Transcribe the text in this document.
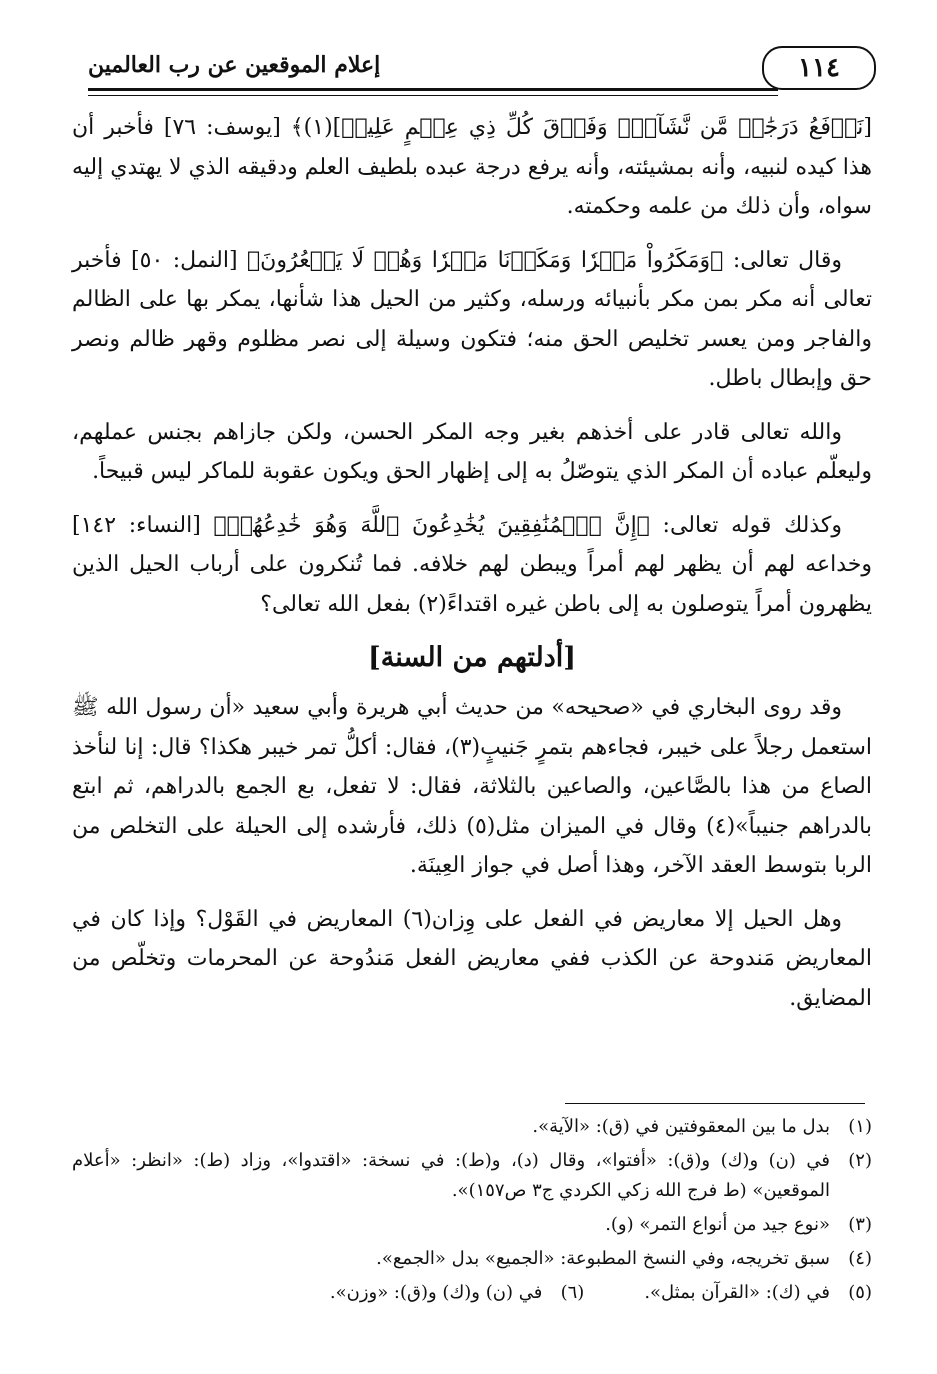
إعلام الموقعين عن رب العالمين	١١٤

[نَرۡفَعُ دَرَجَٰتٖ مَّن نَّشَآءُۗ وَفَوۡقَ كُلِّ ذِي عِلۡمٍ عَلِيمٞ](١)﴾ [يوسف: ٧٦] فأخبر أن هذا كيده لنبيه، وأنه بمشيئته، وأنه يرفع درجة عبده بلطيف العلم ودقيقه الذي لا يهتدي إليه سواه، وأن ذلك من علمه وحكمته.

وقال تعالى: ﴿وَمَكَرُواْ مَكۡرٗا وَمَكَرۡنَا مَكۡرٗا وَهُمۡ لَا يَشۡعُرُونَ﴾ [النمل: ٥٠] فأخبر تعالى أنه مكر بمن مكر بأنبيائه ورسله، وكثير من الحيل هذا شأنها، يمكر بها على الظالم والفاجر ومن يعسر تخليص الحق منه؛ فتكون وسيلة إلى نصر مظلوم وقهر ظالم ونصر حق وإبطال باطل.

والله تعالى قادر على أخذهم بغير وجه المكر الحسن، ولكن جازاهم بجنس عملهم، وليعلّم عباده أن المكر الذي يتوصّلُ به إلى إظهار الحق ويكون عقوبة للماكر ليس قبيحاً.

وكذلك قوله تعالى: ﴿إِنَّ ٱلۡمُنَٰفِقِينَ يُخَٰدِعُونَ ٱللَّهَ وَهُوَ خَٰدِعُهُمۡ﴾ [النساء: ١٤٢] وخداعه لهم أن يظهر لهم أمراً ويبطن لهم خلافه. فما تُنكرون على أرباب الحيل الذين يظهرون أمراً يتوصلون به إلى باطن غيره اقتداءً(٢) بفعل الله تعالى؟

[أدلتهم من السنة]

وقد روى البخاري في «صحيحه» من حديث أبي هريرة وأبي سعيد «أن رسول الله ﷺ استعمل رجلاً على خيبر، فجاءهم بتمرٍ جَنيبٍ(٣)، فقال: أكلُّ تمر خيبر هكذا؟ قال: إنا لنأخذ الصاع من هذا بالصَّاعين، والصاعين بالثلاثة، فقال: لا تفعل، بع الجمع بالدراهم، ثم ابتع بالدراهم جنيباً»(٤) وقال في الميزان مثل(٥) ذلك، فأرشده إلى الحيلة على التخلص من الربا بتوسط العقد الآخر، وهذا أصل في جواز العِينَة.

وهل الحيل إلا معاريض في الفعل على وِزان(٦) المعاريض في القَوْل؟ وإذا كان في المعاريض مَندوحة عن الكذب ففي معاريض الفعل مَندُوحة عن المحرمات وتخلّص من المضايق.

(١)
بدل ما بين المعقوفتين في (ق): «الآية».
(٢)
في (ن) و(ك) و(ق): «أفتوا»، وقال (د)، و(ط): في نسخة: «اقتدوا»، وزاد (ط): «انظر: «أعلام الموقعين» (ط فرج الله زكي الكردي ج٣ ص١٥٧)».
(٣)
«نوع جيد من أنواع التمر» (و).
(٤)
سبق تخريجه، وفي النسخ المطبوعة: «الجميع» بدل «الجمع».
(٥)
في (ك): «القرآن بمثل».
(٦)
في (ن) و(ك) و(ق): «وزن».
